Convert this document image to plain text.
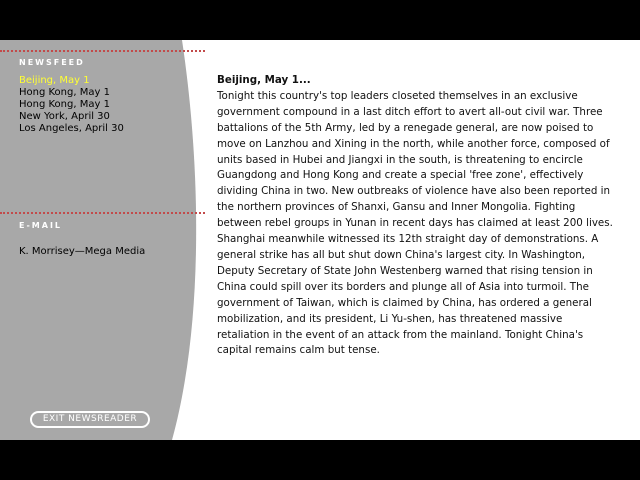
NEWSFEED
Beijing, May 1
Hong Kong, May 1
Hong Kong, May 1
New York, April 30
Los Angeles, April 30
E-MAIL
K. Morrisey—Mega Media
EXIT NEWSREADER
Beijing, May 1...

Tonight this country's top leaders closeted themselves in an exclusive government compound in a last ditch effort to avert all-out civil war. Three battalions of the 5th Army, led by a renegade general, are now poised to move on Lanzhou and Xining in the north, while another force, composed of units based in Hubei and Jiangxi in the south, is threatening to encircle Guangdong and Hong Kong and create a special 'free zone', effectively dividing China in two. New outbreaks of violence have also been reported in the northern provinces of Shanxi, Gansu and Inner Mongolia. Fighting between rebel groups in Yunan in recent days has claimed at least 200 lives.

Shanghai meanwhile witnessed its 12th straight day of demonstrations. A general strike has all but shut down China's largest city. In Washington, Deputy Secretary of State John Westenberg warned that rising tension in China could spill over its borders and plunge all of Asia into turmoil. The government of Taiwan, which is claimed by China, has ordered a general mobilization, and its president, Li Yu-shen, has threatened massive retaliation in the event of an attack from the mainland. Tonight China's capital remains calm but tense.
